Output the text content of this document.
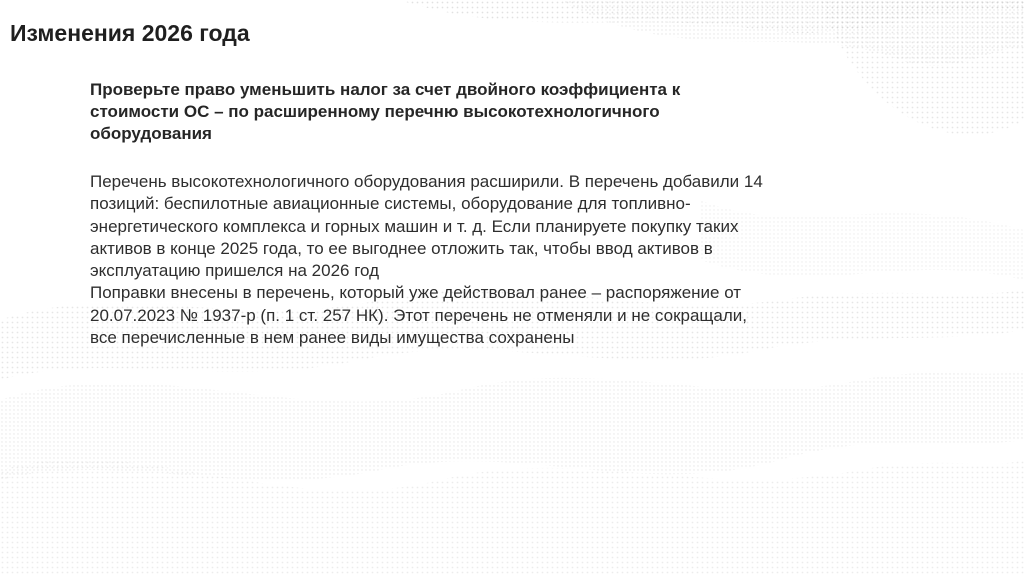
Изменения 2026 года
Проверьте право уменьшить налог за счет двойного коэффициента к
стоимости ОС – по расширенному перечню высокотехнологичного
оборудования
Перечень высокотехнологичного оборудования расширили. В перечень добавили 14
позиций: беспилотные авиационные системы, оборудование для топливно-
энергетического комплекса и горных машин и т. д. Если планируете покупку таких
активов в конце 2025 года, то ее выгоднее отложить так, чтобы ввод активов в
эксплуатацию пришелся на 2026 год
Поправки внесены в перечень, который уже действовал ранее – распоряжение от
20.07.2023 № 1937-р (п. 1 ст. 257 НК). Этот перечень не отменяли и не сокращали,
все перечисленные в нем ранее виды имущества сохранены
